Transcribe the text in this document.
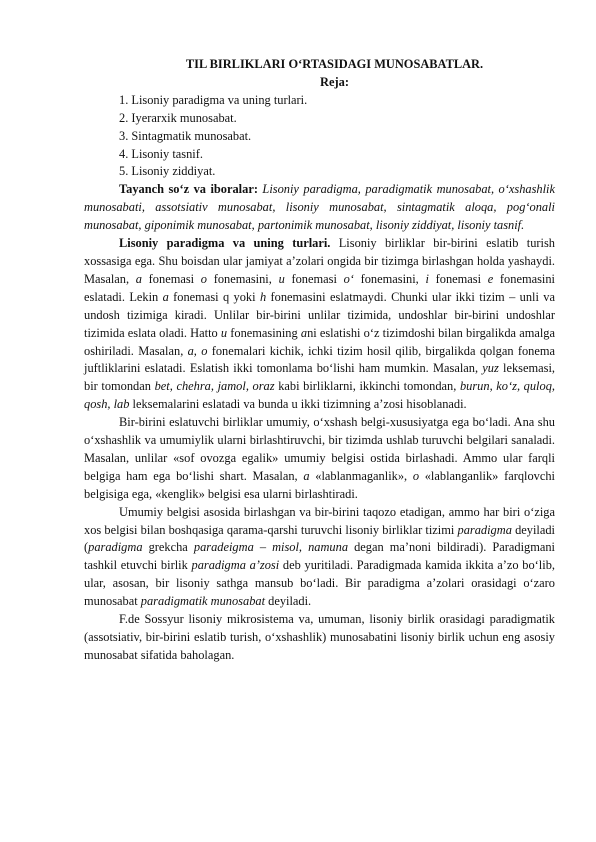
TIL BIRLIKLARI O‘RTASIDAGI MUNOSABATLAR.
Reja:
1. Lisoniy paradigma va uning turlari.
2. Iyerarxik munosabat.
3. Sintagmatik munosabat.
4. Lisoniy tasnif.
5. Lisoniy ziddiyat.

Tayanch so‘z va iboralar: Lisoniy paradigma, paradigmatik munosabat, o‘xshashlik munosabati, assotsiativ munosabat, lisoniy munosabat, sintagmatik aloqa, pog‘onali munosabat, giponimik munosabat, partonimik munosabat, lisoniy ziddiyat, lisoniy tasnif.

Lisoniy paradigma va uning turlari. Lisoniy birliklar bir-birini eslatib turish xossasiga ega. Shu boisdan ular jamiyat a’zolari ongida bir tizimga birlashgan holda yashaydi. Masalan, a fonemasi o fonemasini, u fonemasi o‘ fonemasini, i fonemasi e fonemasini eslatadi. Lekin a fonemasi q yoki h fonemasini eslatmaydi. Chunki ular ikki tizim – unli va undosh tizimiga kiradi. Unlilar bir-birini unlilar tizimida, undoshlar bir-birini undoshlar tizimida eslata oladi. Hatto u fonemasining ani eslatishi o‘z tizimdoshi bilan birgalikda amalga oshiriladi. Masalan, a, o fonemalari kichik, ichki tizim hosil qilib, birgalikda qolgan fonema juftliklarini eslatadi. Eslatish ikki tomonlama bo‘lishi ham mumkin. Masalan, yuz leksemasi, bir tomondan bet, chehra, jamol, oraz kabi birliklarni, ikkinchi tomondan, burun, ko‘z, quloq, qosh, lab leksemalarini eslatadi va bunda u ikki tizimning a’zosi hisoblanadi.

Bir-birini eslatuvchi birliklar umumiy, o‘xshash belgi-xususiyatga ega bo‘ladi. Ana shu o‘xshashlik va umumiylik ularni birlashtiruvchi, bir tizimda ushlab turuvchi belgilari sanaladi. Masalan, unlilar «sof ovozga egalik» umumiy belgisi ostida birlashadi. Ammo ular farqli belgiga ham ega bo‘lishi shart. Masalan, a «lablanmaganlik», o «lablanganlik» farqlovchi belgisiga ega, «kenglik» belgisi esa ularni birlashtiradi.

Umumiy belgisi asosida birlashgan va bir-birini taqozo etadigan, ammo har biri o‘ziga xos belgisi bilan boshqasiga qarama-qarshi turuvchi lisoniy birliklar tizimi paradigma deyiladi (paradigma grekcha paradeigma – misol, namuna degan ma’noni bildiradi). Paradigmani tashkil etuvchi birlik paradigma a’zosi deb yuritiladi. Paradigmada kamida ikkita a’zo bo‘lib, ular, asosan, bir lisoniy sathga mansub bo‘ladi. Bir paradigma a’zolari orasidagi o‘zaro munosabat paradigmatik munosabat deyiladi.

F.de Sossyur lisoniy mikrosistema va, umuman, lisoniy birlik orasidagi paradigmatik (assotsiativ, bir-birini eslatib turish, o‘xshashlik) munosabatini lisoniy birlik uchun eng asosiy munosabat sifatida baholagan.
